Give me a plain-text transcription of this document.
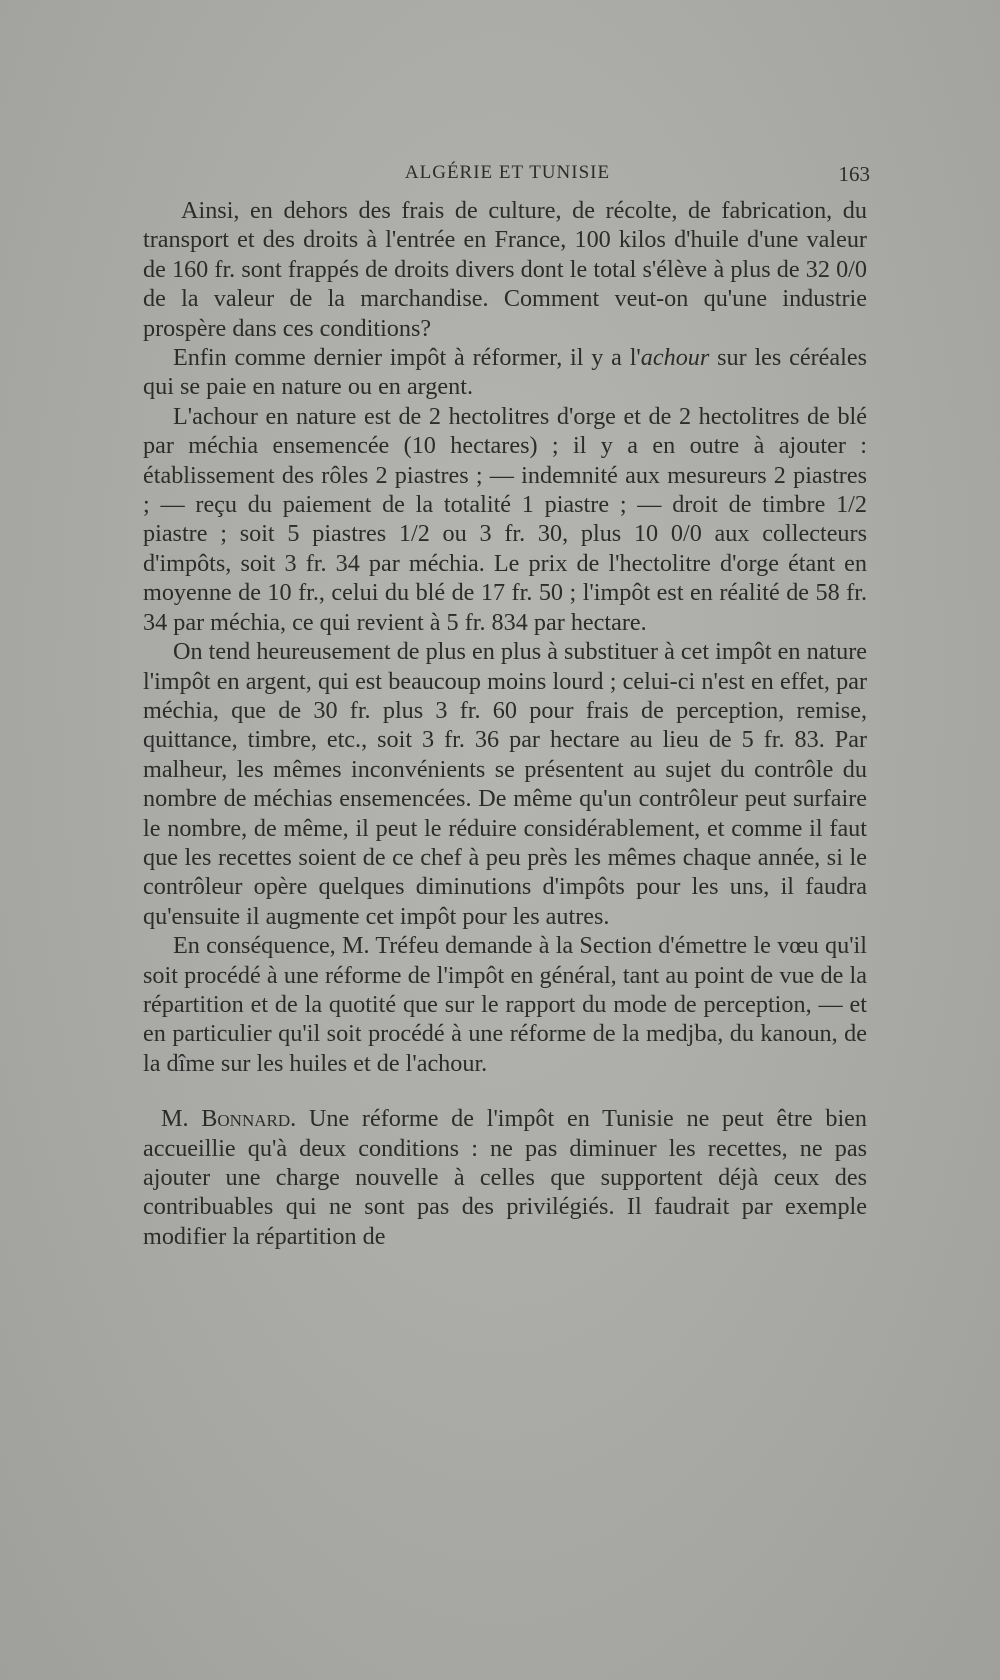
ALGÉRIE ET TUNISIE	163

Ainsi, en dehors des frais de culture, de récolte, de fabrication, du transport et des droits à l'entrée en France, 100 kilos d'huile d'une valeur de 160 fr. sont frappés de droits divers dont le total s'élève à plus de 32 0/0 de la valeur de la marchandise. Comment veut-on qu'une industrie prospère dans ces conditions?

Enfin comme dernier impôt à réformer, il y a l'achour sur les céréales qui se paie en nature ou en argent.

L'achour en nature est de 2 hectolitres d'orge et de 2 hectolitres de blé par méchia ensemencée (10 hectares) ; il y a en outre à ajouter : établissement des rôles 2 piastres ; — indemnité aux mesureurs 2 piastres ; — reçu du paiement de la totalité 1 piastre ; — droit de timbre 1/2 piastre ; soit 5 piastres 1/2 ou 3 fr. 30, plus 10 0/0 aux collecteurs d'impôts, soit 3 fr. 34 par méchia. Le prix de l'hectolitre d'orge étant en moyenne de 10 fr., celui du blé de 17 fr. 50 ; l'impôt est en réalité de 58 fr. 34 par méchia, ce qui revient à 5 fr. 834 par hectare.

On tend heureusement de plus en plus à substituer à cet impôt en nature l'impôt en argent, qui est beaucoup moins lourd ; celui-ci n'est en effet, par méchia, que de 30 fr. plus 3 fr. 60 pour frais de perception, remise, quittance, timbre, etc., soit 3 fr. 36 par hectare au lieu de 5 fr. 83. Par malheur, les mêmes inconvénients se présentent au sujet du contrôle du nombre de méchias ensemencées. De même qu'un contrôleur peut surfaire le nombre, de même, il peut le réduire considérablement, et comme il faut que les recettes soient de ce chef à peu près les mêmes chaque année, si le contrôleur opère quelques diminutions d'impôts pour les uns, il faudra qu'ensuite il augmente cet impôt pour les autres.

En conséquence, M. Tréfeu demande à la Section d'émettre le vœu qu'il soit procédé à une réforme de l'impôt en général, tant au point de vue de la répartition et de la quotité que sur le rapport du mode de perception, — et en particulier qu'il soit procédé à une réforme de la medjba, du kanoun, de la dîme sur les huiles et de l'achour.

M. Bonnard. Une réforme de l'impôt en Tunisie ne peut être bien accueillie qu'à deux conditions : ne pas diminuer les recettes, ne pas ajouter une charge nouvelle à celles que supportent déjà ceux des contribuables qui ne sont pas des privilégiés. Il faudrait par exemple modifier la répartition de
